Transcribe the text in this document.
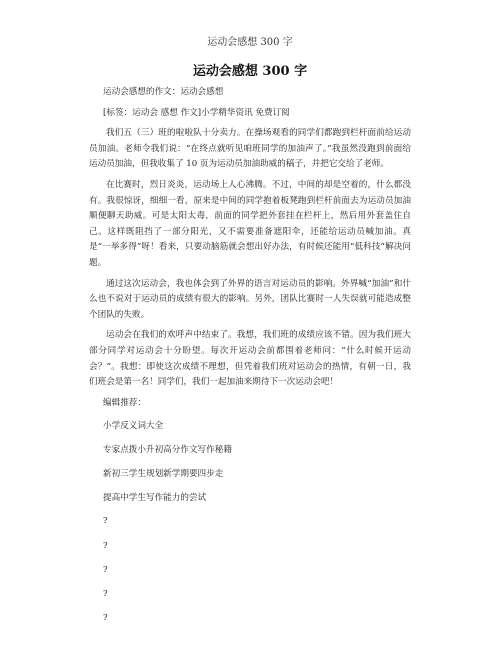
运动会感想 300 字
运动会感想 300 字

运动会感想的作文：运动会感想

[标签：运动会 感想 作文]小学精华资讯 免费订阅

我们五（三）班的啦啦队十分卖力。在操场观看的同学们都跑到栏杆面前给运动员加油。老师令我们说：“在终点就听见咱班同学的加油声了。”我虽然没跑到前面给运动员加油，但我收集了 10 页为运动员加油助威的稿子，并把它交给了老师。

在比赛时，烈日炎炎，运动场上人心沸腾。不过，中间的却是空着的，什么都没有。我很惊讶，细细一看，原来是中间的同学抱着板凳跑到栏杆前面去为运动员加油顺便聊天助威。可是太阳太毒，前面的同学把外套挂在栏杆上，然后用外套盖住自己。这样既阻挡了一部分阳光，又不需要准备遮阳伞，还能给运动员喊加油。真是“一举多得”呀！看来，只要动脑筋就会想出好办法，有时候还能用“低科技”解决问题。

通过这次运动会，我也体会到了外界的语言对运动员的影响。外界喊“加油”和什么也不说对于运动员的成绩有很大的影响。另外，团队比赛时一人失误就可能造成整个团队的失败。

运动会在我们的欢呼声中结束了。我想，我们班的成绩应该不错。因为我们班大部分同学对运动会十分盼望。每次开运动会前都围着老师问：“什么时候开运动会？”。我想：即使这次成绩不理想，但凭着我们班对运动会的热情，有朝一日，我们班会是第一名！同学们，我们一起加油来期待下一次运动会吧！

编辑推荐：

小学反义词大全

专家点拨小升初高分作文写作秘籍

新初三学生规划新学期要四步走

提高中学生写作能力的尝试

?

?

?

?

?
